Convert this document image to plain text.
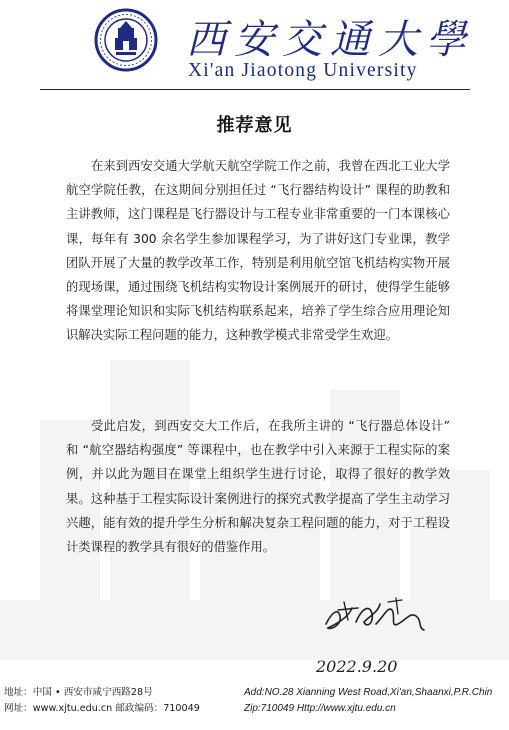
西安交通大學
Xi'an Jiaotong University
推荐意见

在来到西安交通大学航天航空学院工作之前，我曾在西北工业大学航空学院任教，在这期间分别担任过 “飞行器结构设计” 课程的助教和主讲教师，这门课程是飞行器设计与工程专业非常重要的一门本课核心课，每年有 300 余名学生参加课程学习，为了讲好这门专业课，教学团队开展了大量的教学改革工作，特别是利用航空馆飞机结构实物开展的现场课，通过围绕飞机结构实物设计案例展开的研讨，使得学生能够将课堂理论知识和实际飞机结构联系起来，培养了学生综合应用理论知识解决实际工程问题的能力，这种教学模式非常受学生欢迎。

受此启发，到西安交大工作后，在我所主讲的 “飞行器总体设计” 和 “航空器结构强度” 等课程中，也在教学中引入来源于工程实际的案例，并以此为题目在课堂上组织学生进行讨论，取得了很好的教学效果。这种基于工程实际设计案例进行的探究式教学提高了学生主动学习兴趣，能有效的提升学生分析和解决复杂工程问题的能力，对于工程设计类课程的教学具有很好的借鉴作用。

2022.9.20
地址：中国 • 西安市咸宁西路28号
网址：www.xjtu.edu.cn 邮政编码：710049
Add:NO.28 Xianning West Road,Xi'an,Shaanxi,P.R.Chin
Zip:710049 Http://www.xjtu.edu.cn
